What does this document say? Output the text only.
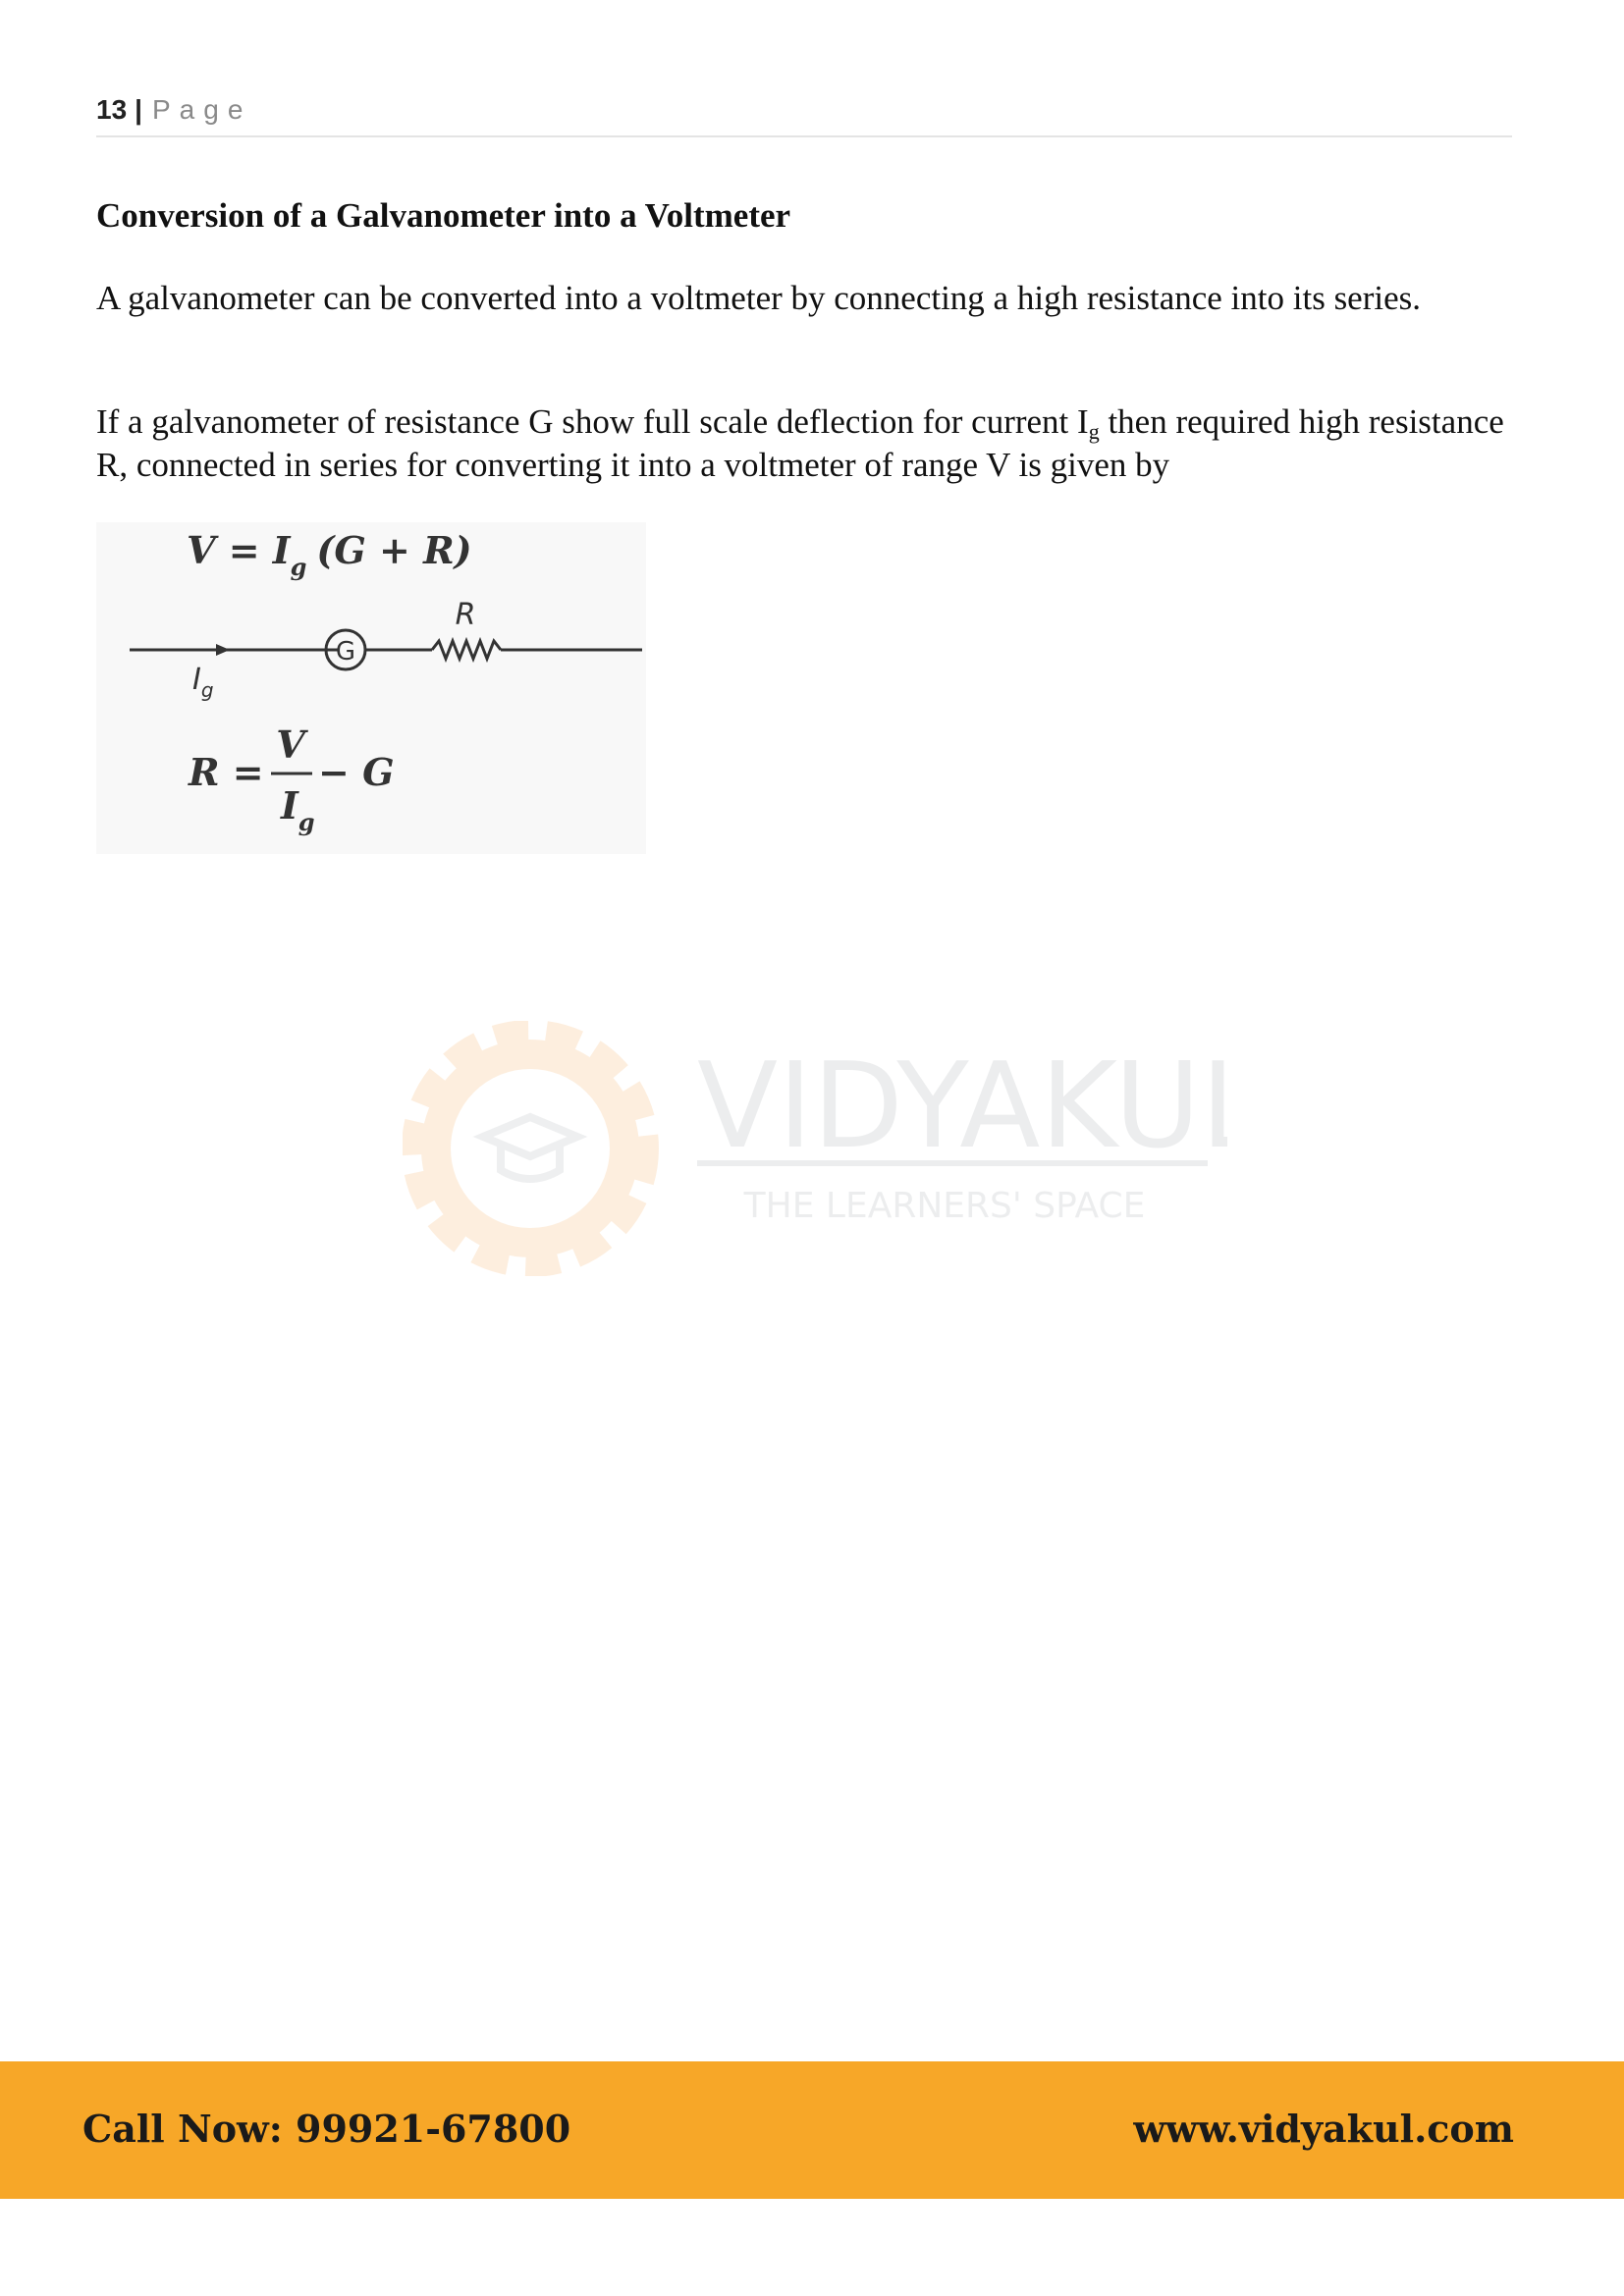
13 | Page
Conversion of a Galvanometer into a Voltmeter

A galvanometer can be converted into a voltmeter by connecting a high resistance into its series.

If a galvanometer of resistance G show full scale deflection for current $I_g$ then required high resistance R, connected in series for converting it into a voltmeter of range V is given by

$V = I_g$ (G + R)
G
R
$I_g$
R =
V
$I_g$
− G
VIDYAKUL
THE LEARNERS' SPACE
Call Now: 99921-67800	www.vidyakul.com
